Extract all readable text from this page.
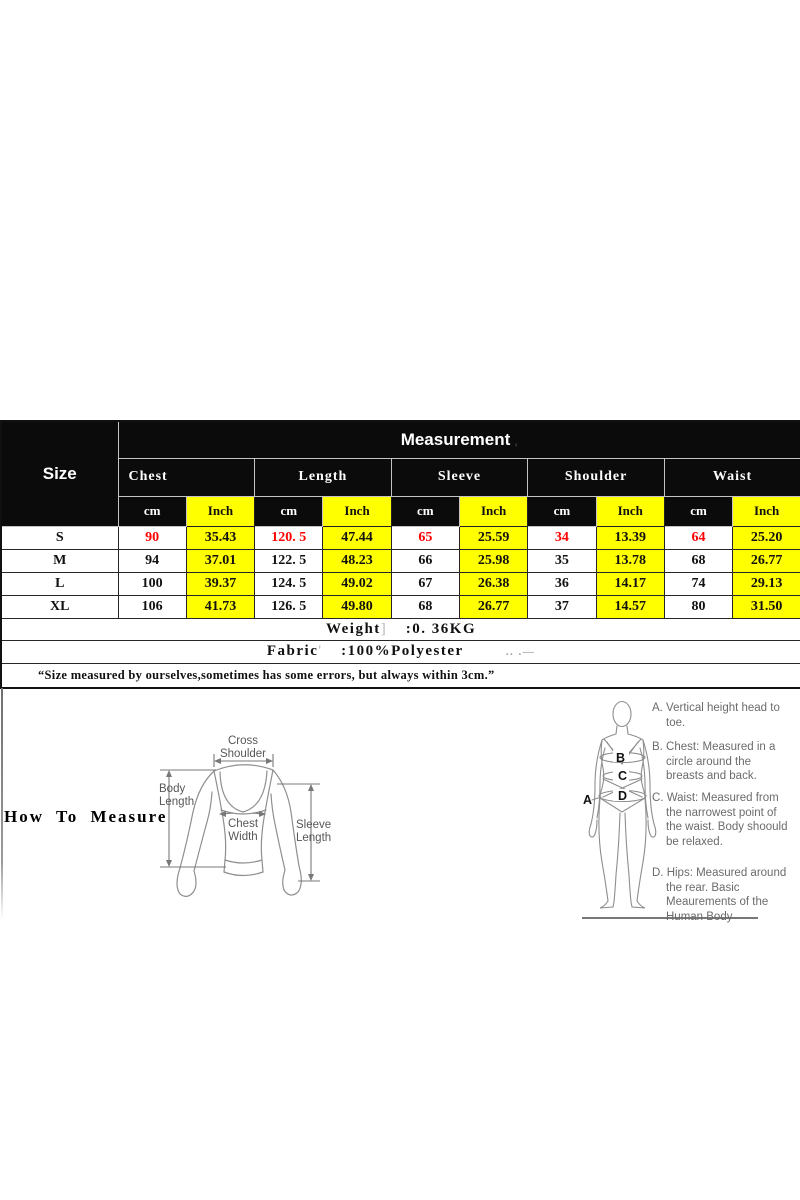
Size	Measurement ,									
	Chest		Length		Sleeve		Shoulder		Waist	
	cm	Inch	cm	Inch	cm	Inch	cm	Inch	cm	Inch
S	90	35.43	120. 5	47.44	65	25.59	34	13.39	64	25.20
M	94	37.01	122. 5	48.23	66	25.98	35	13.78	68	26.77
L	100	39.37	124. 5	49.02	67	26.38	36	14.17	74	29.13
XL	106	41.73	126. 5	49.80	68	26.77	37	14.57	80	31.50
Weight] :0. 36KG										
Fabric' :100%Polyester .. .—										
“Size measured by ourselves,sometimes has some errors, but always within 3cm.”										
How To Measure
Cross
Shoulder
Body
Length
Chest
Width
Sleeve
Length
B
C
D
A
A. Vertical height head to toe.
B. Chest: Measured in a circle around the breasts and back.
C. Waist: Measured from the narrowest point of the waist. Body shoould be relaxed.
D. Hips: Measured around the rear. Basic Meaurements of the Human Body
